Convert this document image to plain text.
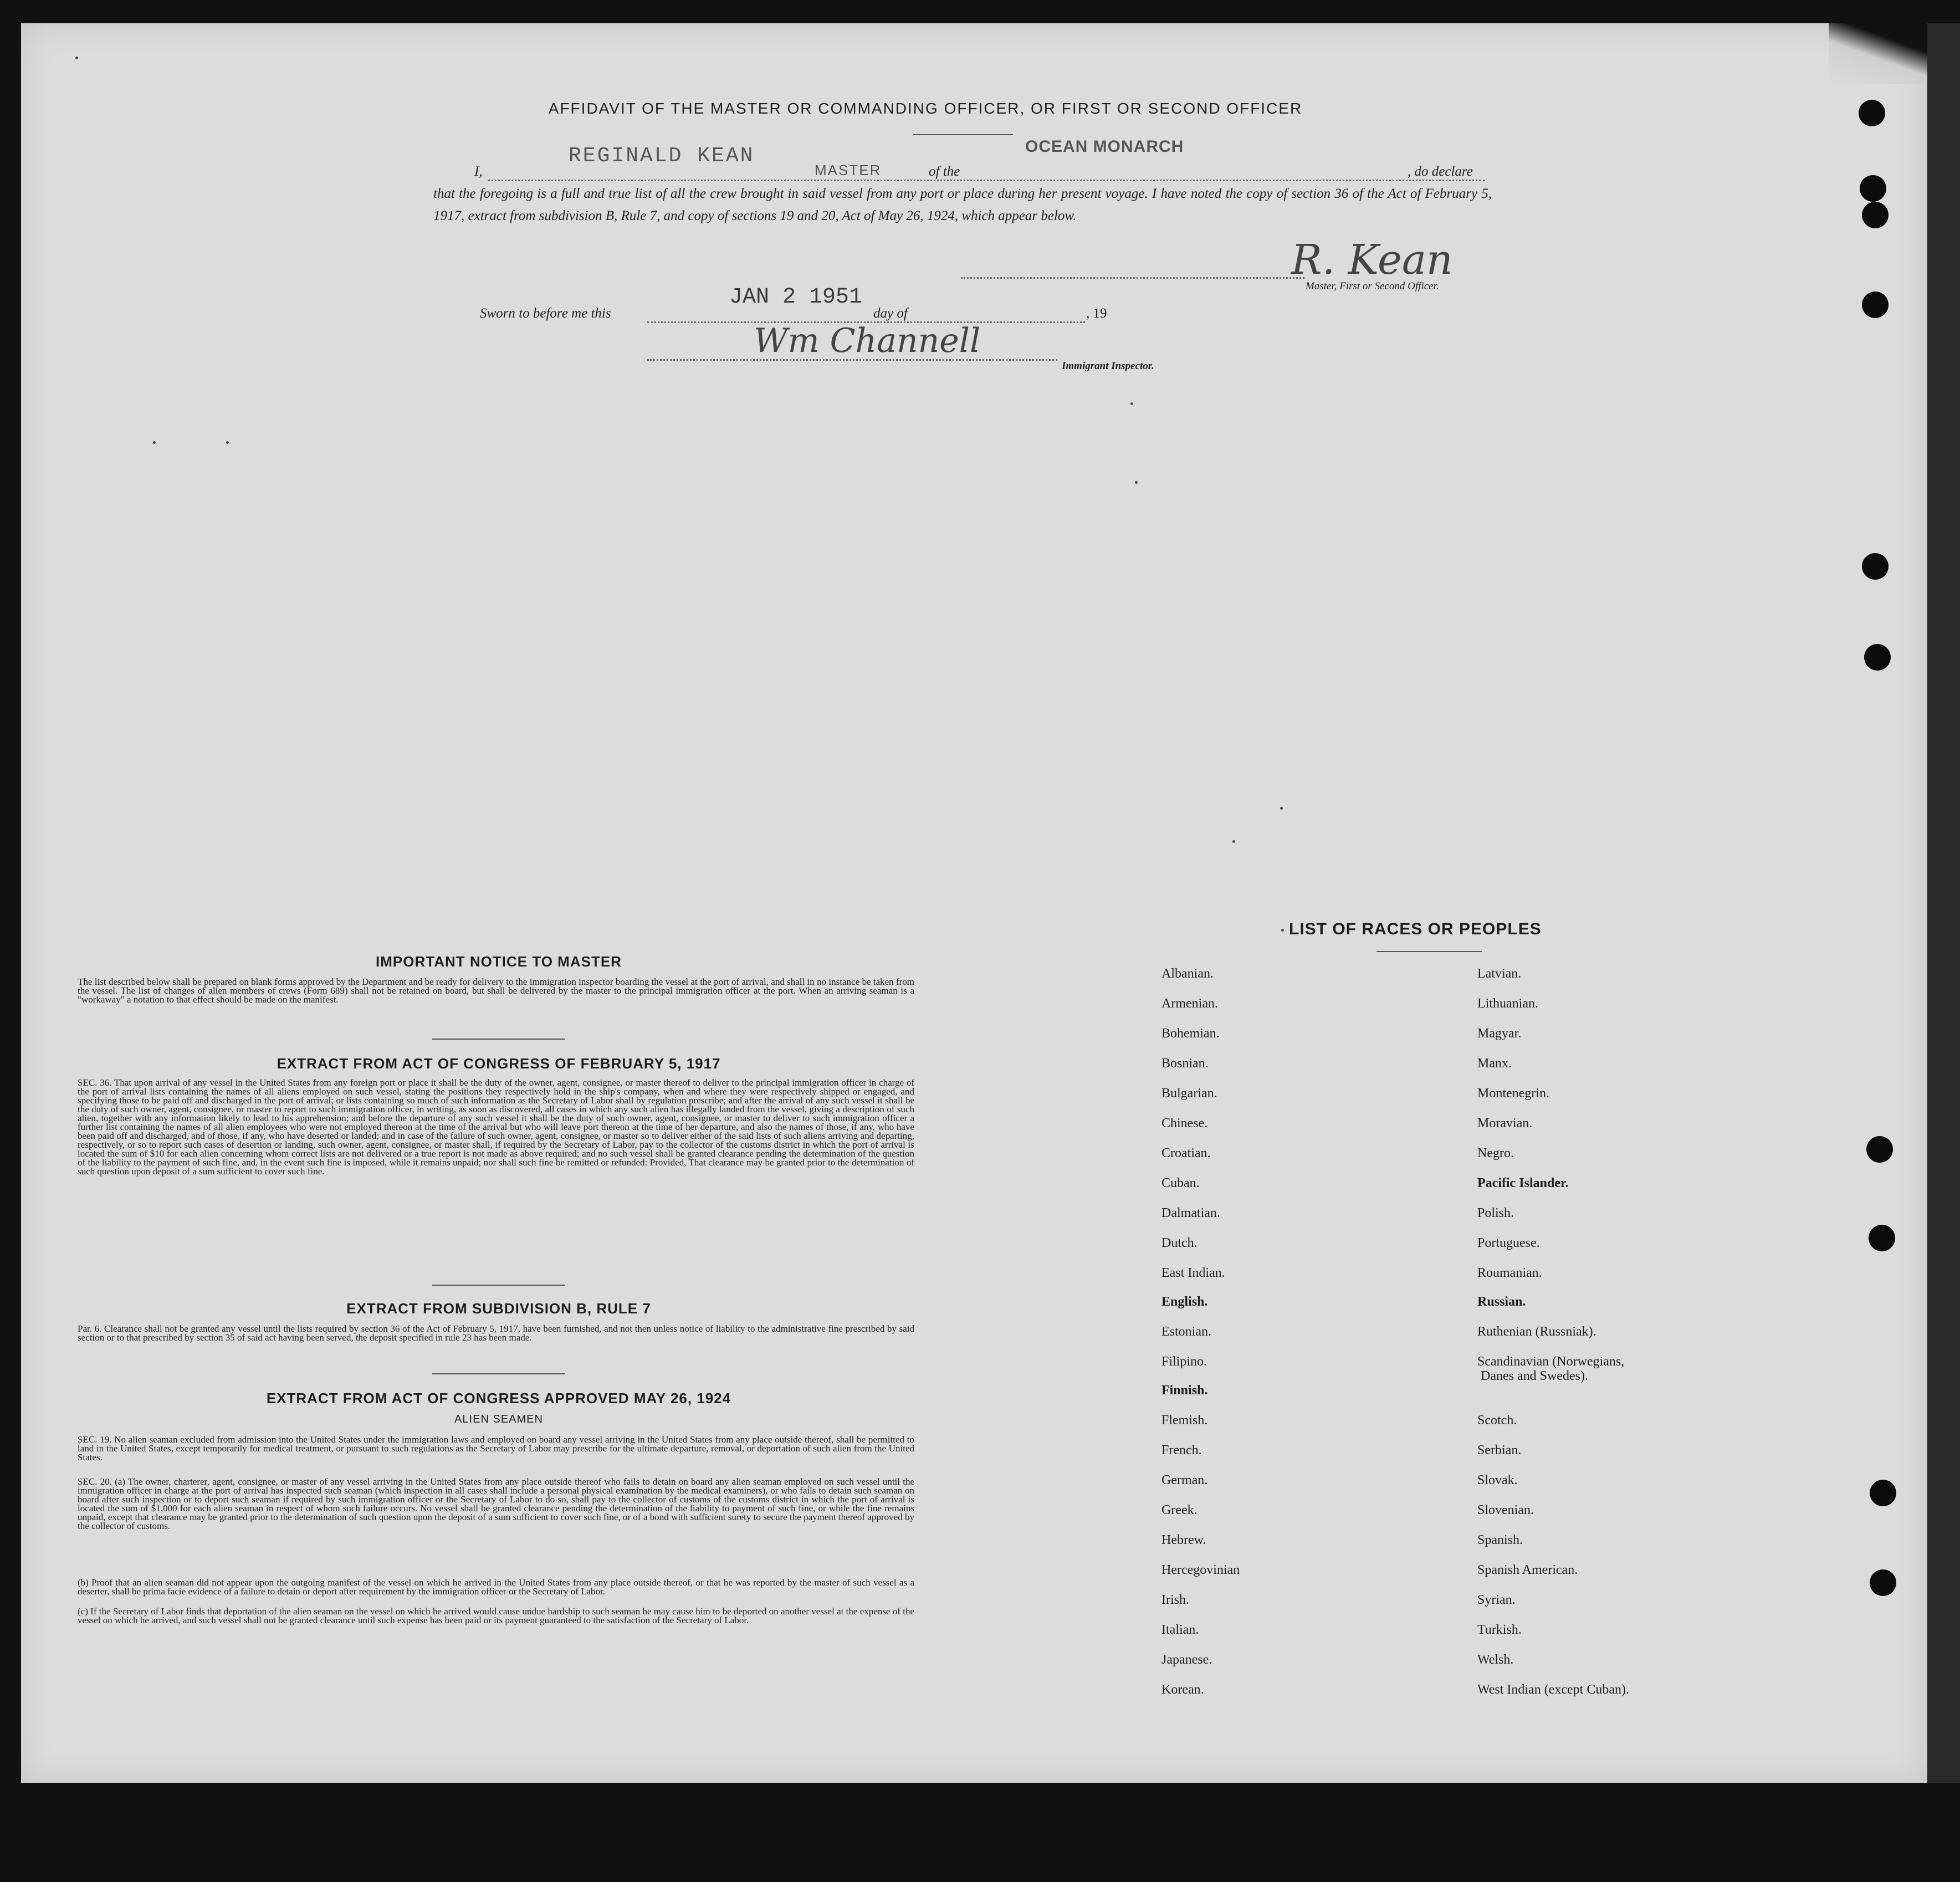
AFFIDAVIT OF THE MASTER OR COMMANDING OFFICER, OR FIRST OR SECOND OFFICER
I,
REGINALD KEAN
MASTER	of the
OCEAN MONARCH
, do declare
that the foregoing is a full and true list of all the crew brought in said vessel from any port or place during her present voyage. I have noted the copy of section 36 of the Act of February 5, 1917, extract from subdivision B, Rule 7, and copy of sections 19 and 20, Act of May 26, 1924, which appear below.
R. Kean
Master, First or Second Officer.
Sworn to before me this
JAN 2 1951
day of	, 19
Wm Channell
Immigrant Inspector.
IMPORTANT NOTICE TO MASTER
The list described below shall be prepared on blank forms approved by the Department and be ready for delivery to the immigration inspector boarding the vessel at the port of arrival, and shall in no instance be taken from the vessel. The list of changes of alien members of crews (Form 689) shall not be retained on board, but shall be delivered by the master to the principal immigration officer at the port. When an arriving seaman is a "workaway" a notation to that effect should be made on the manifest.
EXTRACT FROM ACT OF CONGRESS OF FEBRUARY 5, 1917
SEC. 36. That upon arrival of any vessel in the United States from any foreign port or place it shall be the duty of the owner, agent, consignee, or master thereof to deliver to the principal immigration officer in charge of the port of arrival lists containing the names of all aliens employed on such vessel, stating the positions they respectively hold in the ship's company, when and where they were respectively shipped or engaged, and specifying those to be paid off and discharged in the port of arrival; or lists containing so much of such information as the Secretary of Labor shall by regulation prescribe; and after the arrival of any such vessel it shall be the duty of such owner, agent, consignee, or master to report to such immigration officer, in writing, as soon as discovered, all cases in which any such alien has illegally landed from the vessel, giving a description of such alien, together with any information likely to lead to his apprehension; and before the departure of any such vessel it shall be the duty of such owner, agent, consignee, or master to deliver to such immigration officer a further list containing the names of all alien employees who were not employed thereon at the time of the arrival but who will leave port thereon at the time of her departure, and also the names of those, if any, who have been paid off and discharged, and of those, if any, who have deserted or landed; and in case of the failure of such owner, agent, consignee, or master so to deliver either of the said lists of such aliens arriving and departing, respectively, or so to report such cases of desertion or landing, such owner, agent, consignee, or master shall, if required by the Secretary of Labor, pay to the collector of the customs district in which the port of arrival is located the sum of $10 for each alien concerning whom correct lists are not delivered or a true report is not made as above required; and no such vessel shall be granted clearance pending the determination of the question of the liability to the payment of such fine, and, in the event such fine is imposed, while it remains unpaid; nor shall such fine be remitted or refunded: Provided, That clearance may be granted prior to the determination of such question upon deposit of a sum sufficient to cover such fine.
EXTRACT FROM SUBDIVISION B, RULE 7
Par. 6. Clearance shall not be granted any vessel until the lists required by section 36 of the Act of February 5, 1917, have been furnished, and not then unless notice of liability to the administrative fine prescribed by said section or to that prescribed by section 35 of said act having been served, the deposit specified in rule 23 has been made.
EXTRACT FROM ACT OF CONGRESS APPROVED MAY 26, 1924
ALIEN SEAMEN
SEC. 19. No alien seaman excluded from admission into the United States under the immigration laws and employed on board any vessel arriving in the United States from any place outside thereof, shall be permitted to land in the United States, except temporarily for medical treatment, or pursuant to such regulations as the Secretary of Labor may prescribe for the ultimate departure, removal, or deportation of such alien from the United States.
SEC. 20. (a) The owner, charterer, agent, consignee, or master of any vessel arriving in the United States from any place outside thereof who fails to detain on board any alien seaman employed on such vessel until the immigration officer in charge at the port of arrival has inspected such seaman (which inspection in all cases shall include a personal physical examination by the medical examiners), or who fails to detain such seaman on board after such inspection or to deport such seaman if required by such immigration officer or the Secretary of Labor to do so, shall pay to the collector of customs of the customs district in which the port of arrival is located the sum of $1,000 for each alien seaman in respect of whom such failure occurs. No vessel shall be granted clearance pending the determination of the liability to payment of such fine, or while the fine remains unpaid, except that clearance may be granted prior to the determination of such question upon the deposit of a sum sufficient to cover such fine, or of a bond with sufficient surety to secure the payment thereof approved by the collector of customs.
(b) Proof that an alien seaman did not appear upon the outgoing manifest of the vessel on which he arrived in the United States from any place outside thereof, or that he was reported by the master of such vessel as a deserter, shall be prima facie evidence of a failure to detain or deport after requirement by the immigration officer or the Secretary of Labor.
(c) If the Secretary of Labor finds that deportation of the alien seaman on the vessel on which he arrived would cause undue hardship to such seaman he may cause him to be deported on another vessel at the expense of the vessel on which he arrived, and such vessel shall not be granted clearance until such expense has been paid or its payment guaranteed to the satisfaction of the Secretary of Labor.
LIST OF RACES OR PEOPLES
Albanian.
Armenian.
Bohemian.
Bosnian.
Bulgarian.
Chinese.
Croatian.
Cuban.
Dalmatian.
Dutch.
East Indian.
English.
Estonian.
Filipino.
Finnish.
Flemish.
French.
German.
Greek.
Hebrew.
Hercegovinian
Irish.
Italian.
Japanese.
Korean.
Latvian.
Lithuanian.
Magyar.
Manx.
Montenegrin.
Moravian.
Negro.
Pacific Islander.
Polish.
Portuguese.
Roumanian.
Russian.
Ruthenian (Russniak).
Scandinavian (Norwegians,
Danes and Swedes).
Scotch.
Serbian.
Slovak.
Slovenian.
Spanish.
Spanish American.
Syrian.
Turkish.
Welsh.
West Indian (except Cuban).
